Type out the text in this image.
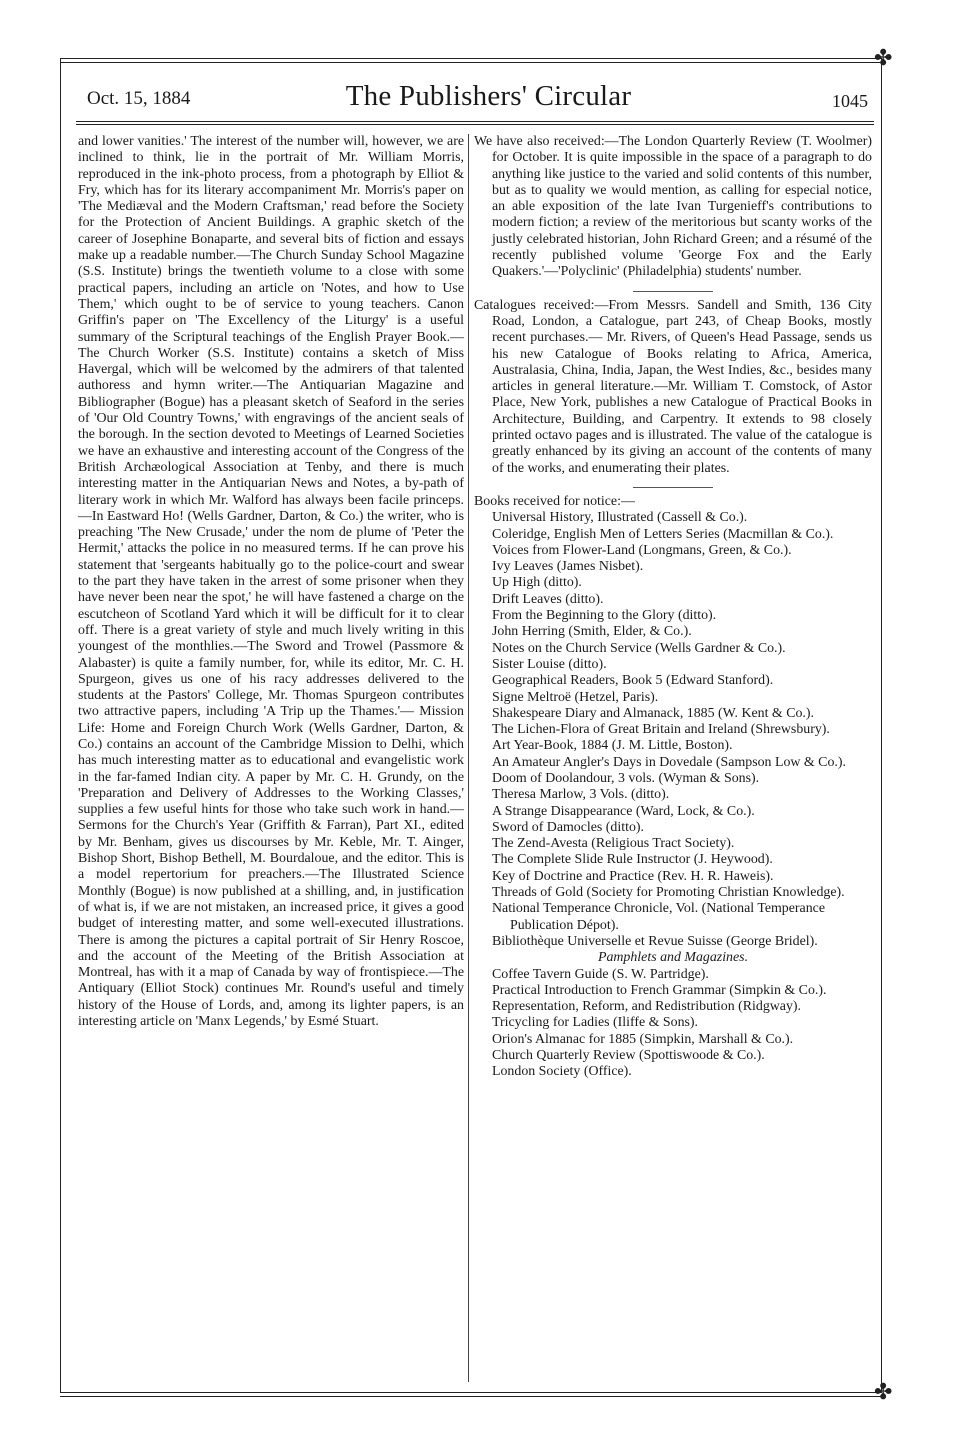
✤
✤
Oct. 15, 1884	The Publishers' Circular	1045

and lower vanities.' The interest of the number will, however, we are inclined to think, lie in the portrait of Mr. William Morris, reproduced in the ink-photo process, from a photograph by Elliot & Fry, which has for its literary accompaniment Mr. Morris's paper on 'The Mediæval and the Modern Craftsman,' read before the Society for the Protection of Ancient Buildings. A graphic sketch of the career of Josephine Bonaparte, and several bits of fiction and essays make up a readable number.—The Church Sunday School Magazine (S.S. Institute) brings the twentieth volume to a close with some practical papers, including an article on 'Notes, and how to Use Them,' which ought to be of service to young teachers. Canon Griffin's paper on 'The Excellency of the Liturgy' is a useful summary of the Scriptural teachings of the English Prayer Book.—The Church Worker (S.S. Institute) contains a sketch of Miss Havergal, which will be welcomed by the admirers of that talented authoress and hymn writer.—The Antiquarian Magazine and Bibliographer (Bogue) has a pleasant sketch of Seaford in the series of 'Our Old Country Towns,' with engravings of the ancient seals of the borough. In the section devoted to Meetings of Learned Societies we have an exhaustive and interesting account of the Congress of the British Archæological Association at Tenby, and there is much interesting matter in the Antiquarian News and Notes, a by-path of literary work in which Mr. Walford has always been facile princeps. —In Eastward Ho! (Wells Gardner, Darton, & Co.) the writer, who is preaching 'The New Crusade,' under the nom de plume of 'Peter the Hermit,' attacks the police in no measured terms. If he can prove his statement that 'sergeants habitually go to the police-court and swear to the part they have taken in the arrest of some prisoner when they have never been near the spot,' he will have fastened a charge on the escutcheon of Scotland Yard which it will be difficult for it to clear off. There is a great variety of style and much lively writing in this youngest of the monthlies.—The Sword and Trowel (Passmore & Alabaster) is quite a family number, for, while its editor, Mr. C. H. Spurgeon, gives us one of his racy addresses delivered to the students at the Pastors' College, Mr. Thomas Spurgeon contributes two attractive papers, including 'A Trip up the Thames.'— Mission Life: Home and Foreign Church Work (Wells Gardner, Darton, & Co.) contains an account of the Cambridge Mission to Delhi, which has much interesting matter as to educational and evangelistic work in the far-famed Indian city. A paper by Mr. C. H. Grundy, on the 'Preparation and Delivery of Addresses to the Working Classes,' supplies a few useful hints for those who take such work in hand.—Sermons for the Church's Year (Griffith & Farran), Part XI., edited by Mr. Benham, gives us discourses by Mr. Keble, Mr. T. Ainger, Bishop Short, Bishop Bethell, M. Bourdaloue, and the editor. This is a model repertorium for preachers.—The Illustrated Science Monthly (Bogue) is now published at a shilling, and, in justification of what is, if we are not mistaken, an increased price, it gives a good budget of interesting matter, and some well-executed illustrations. There is among the pictures a capital portrait of Sir Henry Roscoe, and the account of the Meeting of the British Association at Montreal, has with it a map of Canada by way of frontispiece.—The Antiquary (Elliot Stock) continues Mr. Round's useful and timely history of the House of Lords, and, among its lighter papers, is an interesting article on 'Manx Legends,' by Esmé Stuart.

We have also received:—The London Quarterly Review (T. Woolmer) for October. It is quite impossible in the space of a paragraph to do anything like justice to the varied and solid contents of this number, but as to quality we would mention, as calling for especial notice, an able exposition of the late Ivan Turgenieff's contributions to modern fiction; a review of the meritorious but scanty works of the justly celebrated historian, John Richard Green; and a résumé of the recently published volume 'George Fox and the Early Quakers.'—'Polyclinic' (Philadelphia) students' number.

Catalogues received:—From Messrs. Sandell and Smith, 136 City Road, London, a Catalogue, part 243, of Cheap Books, mostly recent purchases.— Mr. Rivers, of Queen's Head Passage, sends us his new Catalogue of Books relating to Africa, America, Australasia, China, India, Japan, the West Indies, &c., besides many articles in general literature.—Mr. William T. Comstock, of Astor Place, New York, publishes a new Catalogue of Practical Books in Architecture, Building, and Carpentry. It extends to 98 closely printed octavo pages and is illustrated. The value of the catalogue is greatly enhanced by its giving an account of the contents of many of the works, and enumerating their plates.

Books received for notice:—

Universal History, Illustrated (Cassell & Co.).

Coleridge, English Men of Letters Series (Macmillan & Co.).

Voices from Flower-Land (Longmans, Green, & Co.).

Ivy Leaves (James Nisbet).

Up High (ditto).

Drift Leaves (ditto).

From the Beginning to the Glory (ditto).

John Herring (Smith, Elder, & Co.).

Notes on the Church Service (Wells Gardner & Co.).

Sister Louise (ditto).

Geographical Readers, Book 5 (Edward Stanford).

Signe Meltroë (Hetzel, Paris).

Shakespeare Diary and Almanack, 1885 (W. Kent & Co.).

The Lichen-Flora of Great Britain and Ireland (Shrewsbury).

Art Year-Book, 1884 (J. M. Little, Boston).

An Amateur Angler's Days in Dovedale (Sampson Low & Co.).

Doom of Doolandour, 3 vols. (Wyman & Sons).

Theresa Marlow, 3 Vols. (ditto).

A Strange Disappearance (Ward, Lock, & Co.).

Sword of Damocles (ditto).

The Zend-Avesta (Religious Tract Society).

The Complete Slide Rule Instructor (J. Heywood).

Key of Doctrine and Practice (Rev. H. R. Haweis).

Threads of Gold (Society for Promoting Christian Knowledge).

National Temperance Chronicle, Vol. (National Temperance Publication Dépot).

Bibliothèque Universelle et Revue Suisse (George Bridel).

Pamphlets and Magazines.

Coffee Tavern Guide (S. W. Partridge).

Practical Introduction to French Grammar (Simpkin & Co.).

Representation, Reform, and Redistribution (Ridgway).

Tricycling for Ladies (Iliffe & Sons).

Orion's Almanac for 1885 (Simpkin, Marshall & Co.).

Church Quarterly Review (Spottiswoode & Co.).

London Society (Office).
